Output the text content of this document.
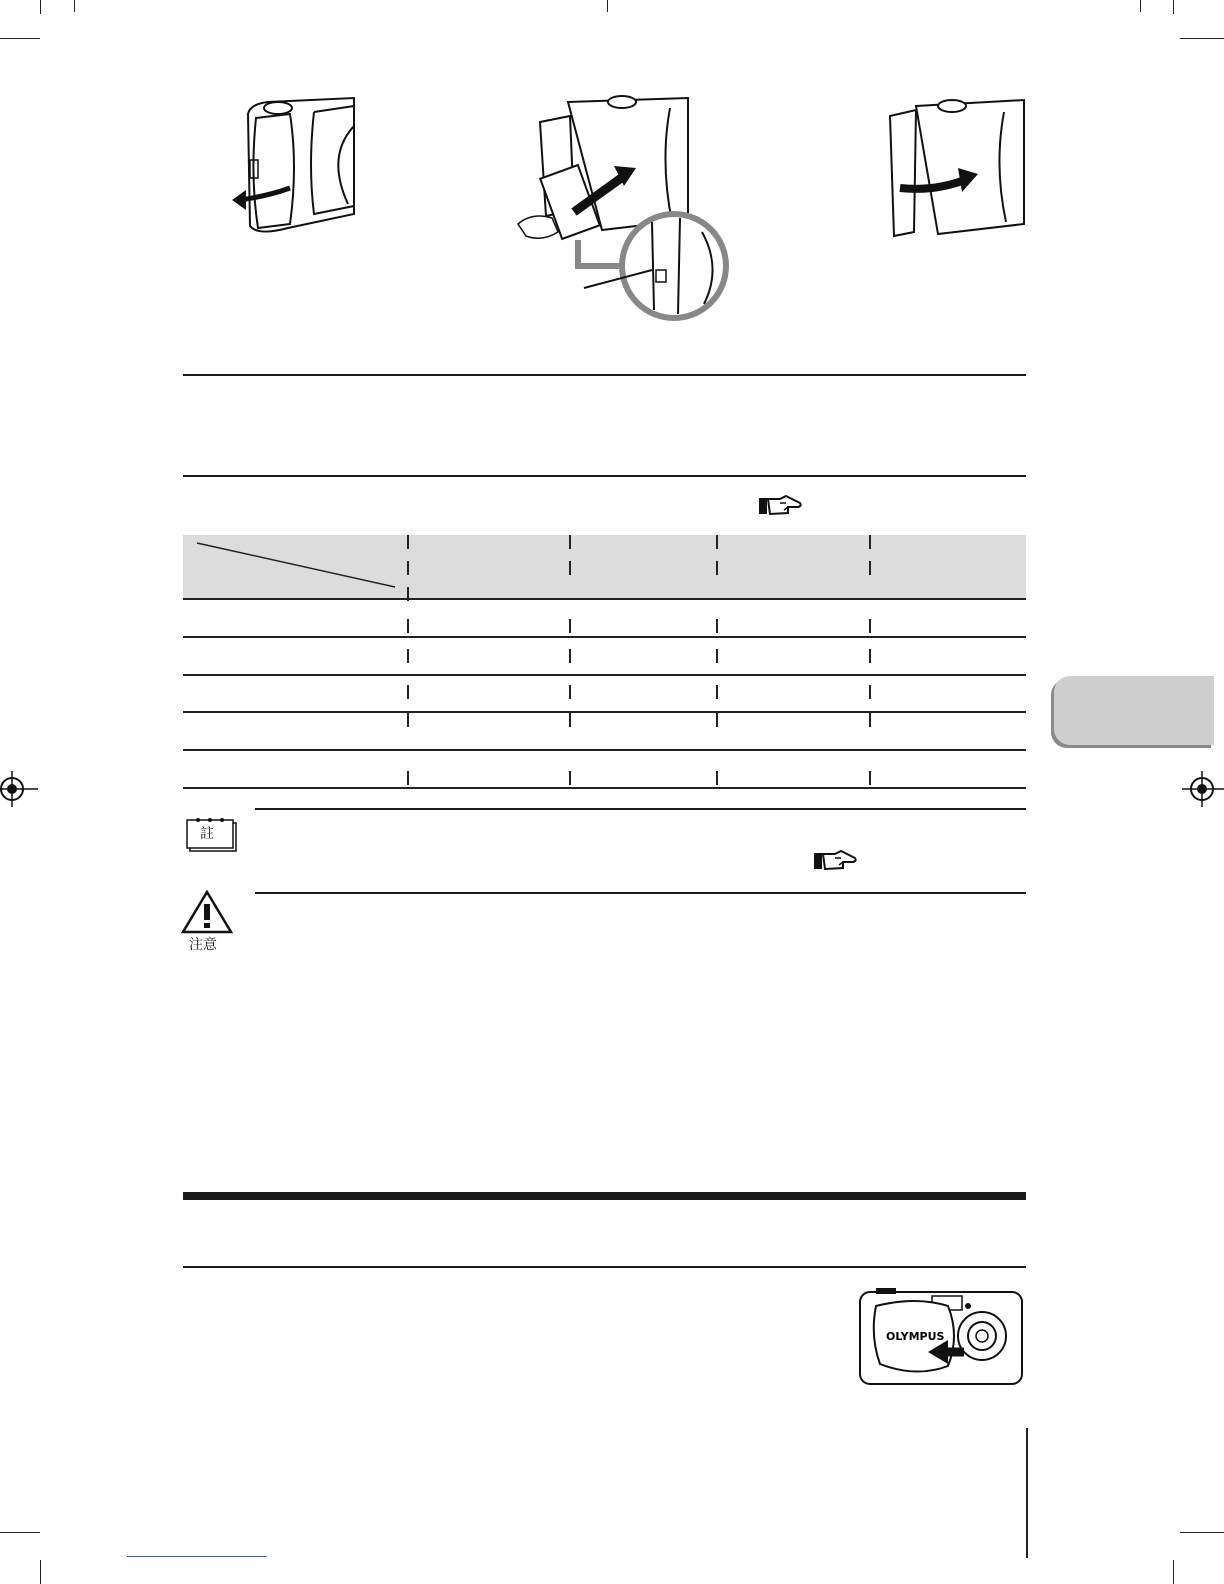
註
注意
OLYMPUS
